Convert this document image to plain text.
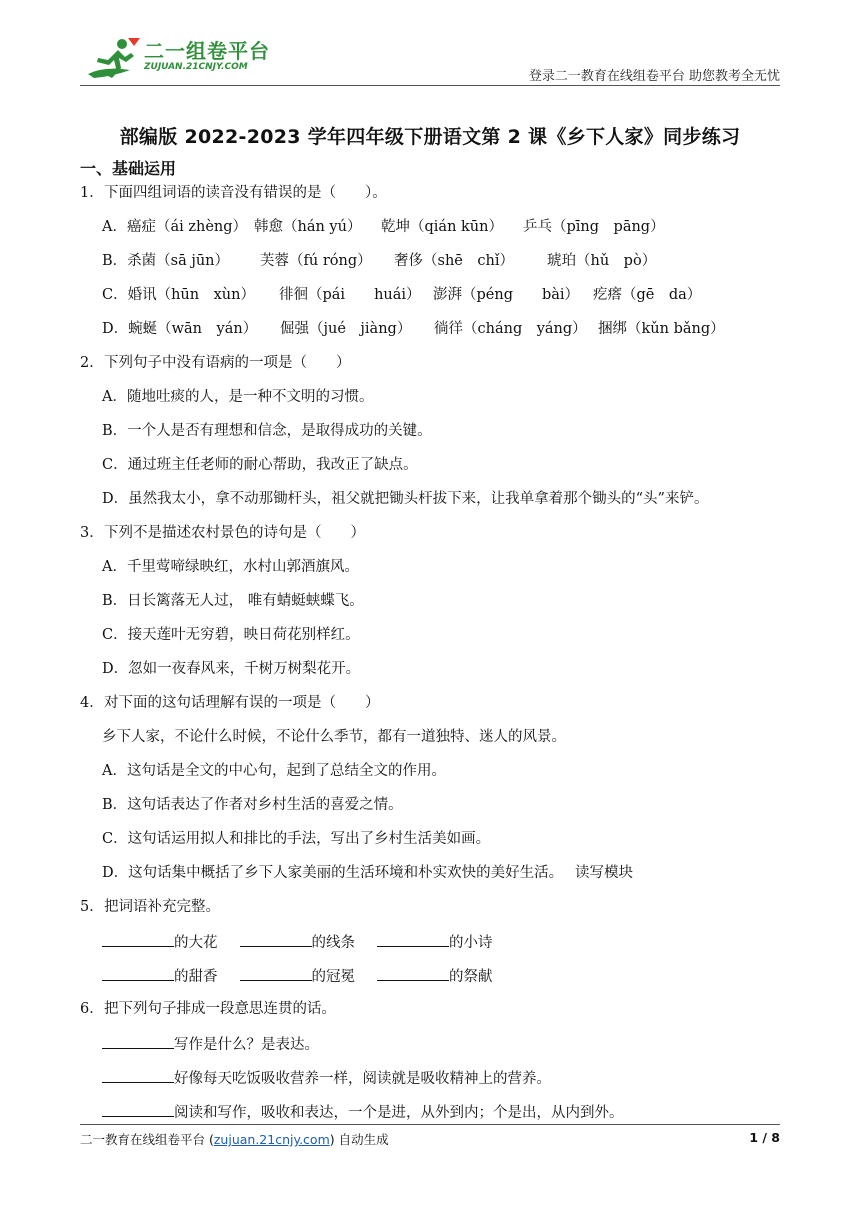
二一组卷平台
ZUJUAN.21CNJY.COM
登录二一教育在线组卷平台 助您教考全无忧
部编版 2022-2023 学年四年级下册语文第 2 课《乡下人家》同步练习
一、基础运用
1．下面四组词语的读音没有错误的是（　　）。
A．癌症（ái zhèng） 韩愈（hán yú） 乾坤（qián kūn） 乒乓（pīng　pāng）
B．杀菌（sā jūn） 芙蓉（fú róng） 奢侈（shē　chǐ） 琥珀（hǔ　pò）
C．婚讯（hūn　xùn） 徘徊（pái　　huái） 澎湃（péng　　bài） 疙瘩（gē　da）
D．蜿蜒（wān　yán） 倔强（jué　jiàng） 徜徉（cháng　yáng） 捆绑（kǔn bǎng）
2．下列句子中没有语病的一项是（　　）
A．随地吐痰的人，是一种不文明的习惯。
B．一个人是否有理想和信念，是取得成功的关键。
C．通过班主任老师的耐心帮助，我改正了缺点。
D．虽然我太小，拿不动那锄杆头，祖父就把锄头杆拔下来，让我单拿着那个锄头的“头”来铲。
3．下列不是描述农村景色的诗句是（　　）
A．千里莺啼绿映红，水村山郭酒旗风。
B．日长篱落无人过， 唯有蜻蜓蛱蝶飞。
C．接天莲叶无穷碧，映日荷花别样红。
D．忽如一夜春风来，千树万树梨花开。
4．对下面的这句话理解有误的一项是（　　）
乡下人家，不论什么时候，不论什么季节，都有一道独特、迷人的风景。
A．这句话是全文的中心句，起到了总结全文的作用。
B．这句话表达了作者对乡村生活的喜爱之情。
C．这句话运用拟人和排比的手法，写出了乡村生活美如画。
D．这句话集中概括了乡下人家美丽的生活环境和朴实欢快的美好生活。　 读写模块
5．把词语补充完整。
的大花	的线条	的小诗
的甜香	的冠冕	的祭献
6．把下列句子排成一段意思连贯的话。
写作是什么？是表达。
好像每天吃饭吸收营养一样，阅读就是吸收精神上的营养。
阅读和写作，吸收和表达，一个是进，从外到内；个是出，从内到外。
二一教育在线组卷平台 (zujuan.21cnjy.com) 自动生成	1 / 8
